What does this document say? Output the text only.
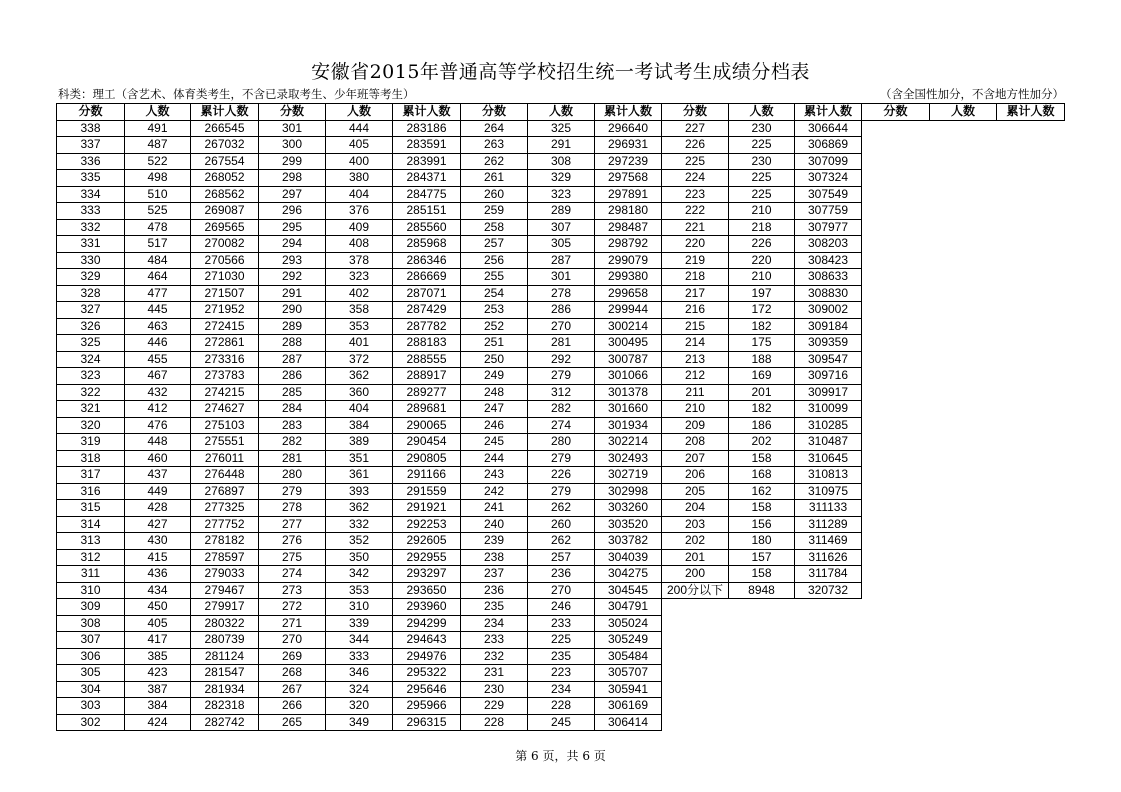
安徽省2015年普通高等学校招生统一考试考生成绩分档表
科类：理工（含艺术、体育类考生，不含已录取考生、少年班等考生）	（含全国性加分，不含地方性加分）
分数	人数	累计人数	分数	人数	累计人数	分数	人数	累计人数	分数	人数	累计人数	分数	人数	累计人数
338	491	266545	301	444	283186	264	325	296640	227	230	306644			
337	487	267032	300	405	283591	263	291	296931	226	225	306869			
336	522	267554	299	400	283991	262	308	297239	225	230	307099			
335	498	268052	298	380	284371	261	329	297568	224	225	307324			
334	510	268562	297	404	284775	260	323	297891	223	225	307549			
333	525	269087	296	376	285151	259	289	298180	222	210	307759			
332	478	269565	295	409	285560	258	307	298487	221	218	307977			
331	517	270082	294	408	285968	257	305	298792	220	226	308203			
330	484	270566	293	378	286346	256	287	299079	219	220	308423			
329	464	271030	292	323	286669	255	301	299380	218	210	308633			
328	477	271507	291	402	287071	254	278	299658	217	197	308830			
327	445	271952	290	358	287429	253	286	299944	216	172	309002			
326	463	272415	289	353	287782	252	270	300214	215	182	309184			
325	446	272861	288	401	288183	251	281	300495	214	175	309359			
324	455	273316	287	372	288555	250	292	300787	213	188	309547			
323	467	273783	286	362	288917	249	279	301066	212	169	309716			
322	432	274215	285	360	289277	248	312	301378	211	201	309917			
321	412	274627	284	404	289681	247	282	301660	210	182	310099			
320	476	275103	283	384	290065	246	274	301934	209	186	310285			
319	448	275551	282	389	290454	245	280	302214	208	202	310487			
318	460	276011	281	351	290805	244	279	302493	207	158	310645			
317	437	276448	280	361	291166	243	226	302719	206	168	310813			
316	449	276897	279	393	291559	242	279	302998	205	162	310975			
315	428	277325	278	362	291921	241	262	303260	204	158	311133			
314	427	277752	277	332	292253	240	260	303520	203	156	311289			
313	430	278182	276	352	292605	239	262	303782	202	180	311469			
312	415	278597	275	350	292955	238	257	304039	201	157	311626			
311	436	279033	274	342	293297	237	236	304275	200	158	311784			
310	434	279467	273	353	293650	236	270	304545	200分以下	8948	320732			
309	450	279917	272	310	293960	235	246	304791						
308	405	280322	271	339	294299	234	233	305024						
307	417	280739	270	344	294643	233	225	305249						
306	385	281124	269	333	294976	232	235	305484						
305	423	281547	268	346	295322	231	223	305707						
304	387	281934	267	324	295646	230	234	305941						
303	384	282318	266	320	295966	229	228	306169						
302	424	282742	265	349	296315	228	245	306414						
第 6 页，共 6 页
